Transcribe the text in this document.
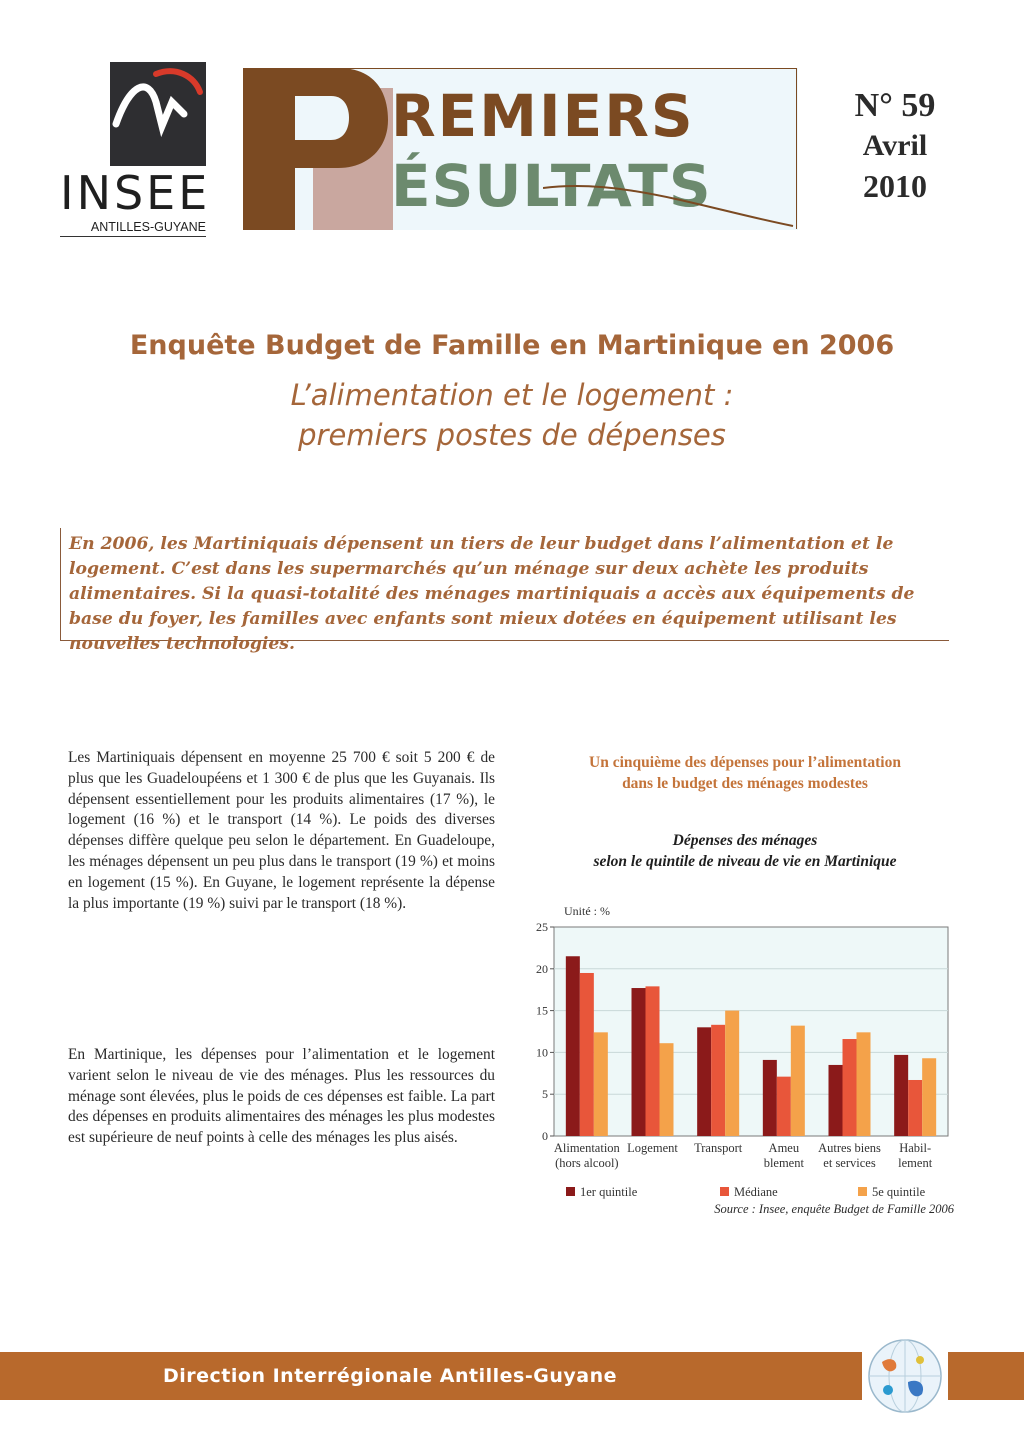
INSEE
ANTILLES-GUYANE
REMIERS
ÉSULTATS
N° 59
Avril
2010
Enquête Budget de Famille en Martinique en 2006
L’alimentation et le logement :
premiers postes de dépenses
En 2006, les Martiniquais dépensent un tiers de leur budget dans l’alimentation et le logement. C’est dans les supermarchés qu’un ménage sur deux achète les produits alimentaires. Si la quasi-totalité des ménages martiniquais a accès aux équipements de base du foyer, les familles avec enfants sont mieux dotées en équipement utilisant les nouvelles technologies.
Les Martiniquais dépensent en moyenne 25 700 € soit 5 200 € de plus que les Guadeloupéens et 1 300 € de plus que les Guyanais. Ils dépensent essentiellement pour les produits alimentaires (17 %), le logement (16 %) et le transport (14 %). Le poids des diverses dépenses diffère quelque peu selon le département. En Guadeloupe, les ménages dépensent un peu plus dans le transport (19 %) et moins en logement (15 %). En Guyane, le logement représente la dépense la plus importante (19 %) suivi par le transport (18 %).
En Martinique, les dépenses pour l’alimentation et le logement varient selon le niveau de vie des ménages. Plus les ressources du ménage sont élevées, plus le poids de ces dépenses est faible. La part des dépenses en produits alimentaires des ménages les plus modestes est supérieure de neuf points à celle des ménages les plus aisés.
Un cinquième des dépenses pour l’alimentation
dans le budget des ménages modestes
Dépenses des ménages
selon le quintile de niveau de vie en Martinique
Unité : %
0
5
10
15
20
25
Alimentation
(hors alcool)
Logement Transport Ameu
blement
Autres biens
et services
Habil-
lement
1er quintile	Médiane	5e quintile
Source : Insee, enquête Budget de Famille 2006
Direction Interrégionale Antilles-Guyane
